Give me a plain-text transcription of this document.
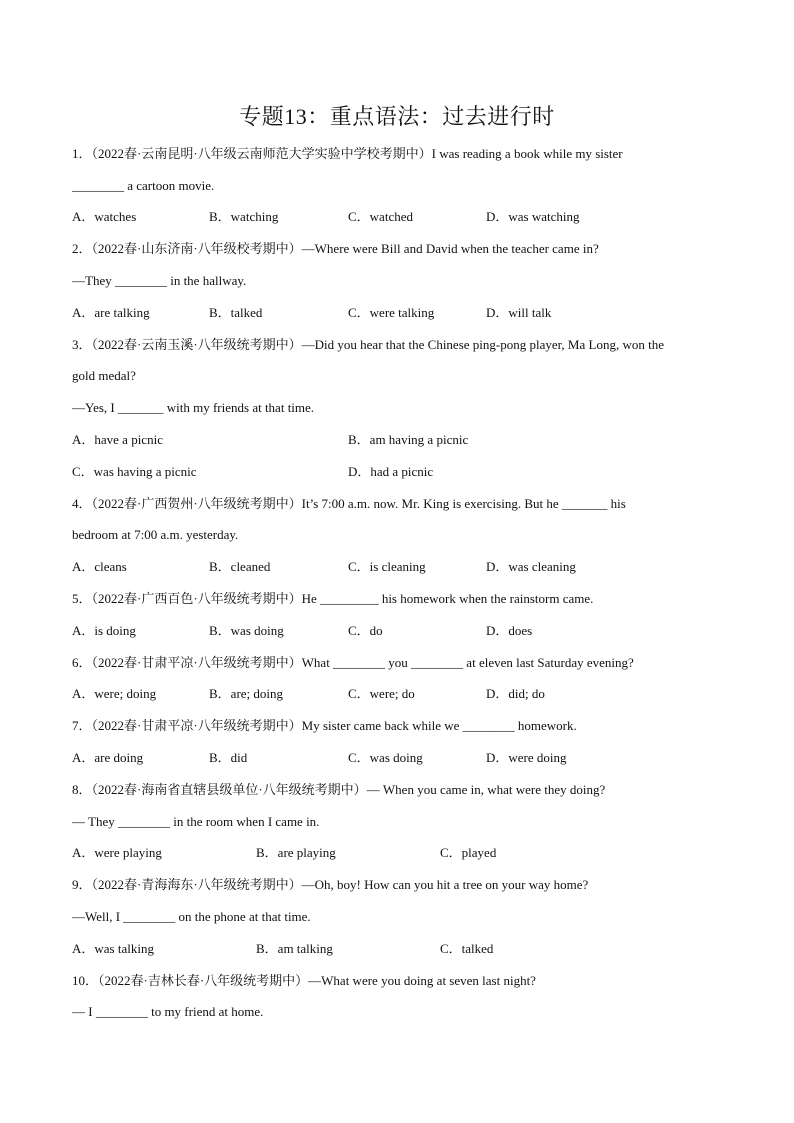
专题13：重点语法：过去进行时
1．（2022春·云南昆明·八年级云南师范大学实验中学校考期中）I was reading a book while my sister
________ a cartoon movie.
A．watches	B．watching	C．watched	D．was watching
2．（2022春·山东济南·八年级校考期中）—Where were Bill and David when the teacher came in?
—They ________ in the hallway.
A．are talking	B．talked	C．were talking	D．will talk
3．（2022春·云南玉溪·八年级统考期中）—Did you hear that the Chinese ping-pong player, Ma Long, won the
gold medal?
—Yes, I _______ with my friends at that time.
A．have a picnic	B．am having a picnic
C．was having a picnic	D．had a picnic
4．（2022春·广西贺州·八年级统考期中）It’s 7:00 a.m. now. Mr. King is exercising. But he _______ his
bedroom at 7:00 a.m. yesterday.
A．cleans	B．cleaned	C．is cleaning	D．was cleaning
5．（2022春·广西百色·八年级统考期中）He _________ his homework when the rainstorm came.
A．is doing	B．was doing	C．do	D．does
6．（2022春·甘肃平凉·八年级统考期中）What ________ you ________ at eleven last Saturday evening?
A．were; doing	B．are; doing	C．were; do	D．did; do
7．（2022春·甘肃平凉·八年级统考期中）My sister came back while we ________ homework.
A．are doing	B．did	C．was doing	D．were doing
8．（2022春·海南省直辖县级单位·八年级统考期中）— When you came in, what were they doing?
— They ________ in the room when I came in.
A．were playing	B．are playing	C．played
9．（2022春·青海海东·八年级统考期中）—Oh, boy! How can you hit a tree on your way home?
—Well, I ________ on the phone at that time.
A．was talking	B．am talking	C．talked
10．（2022春·吉林长春·八年级统考期中）—What were you doing at seven last night?
— I ________ to my friend at home.
